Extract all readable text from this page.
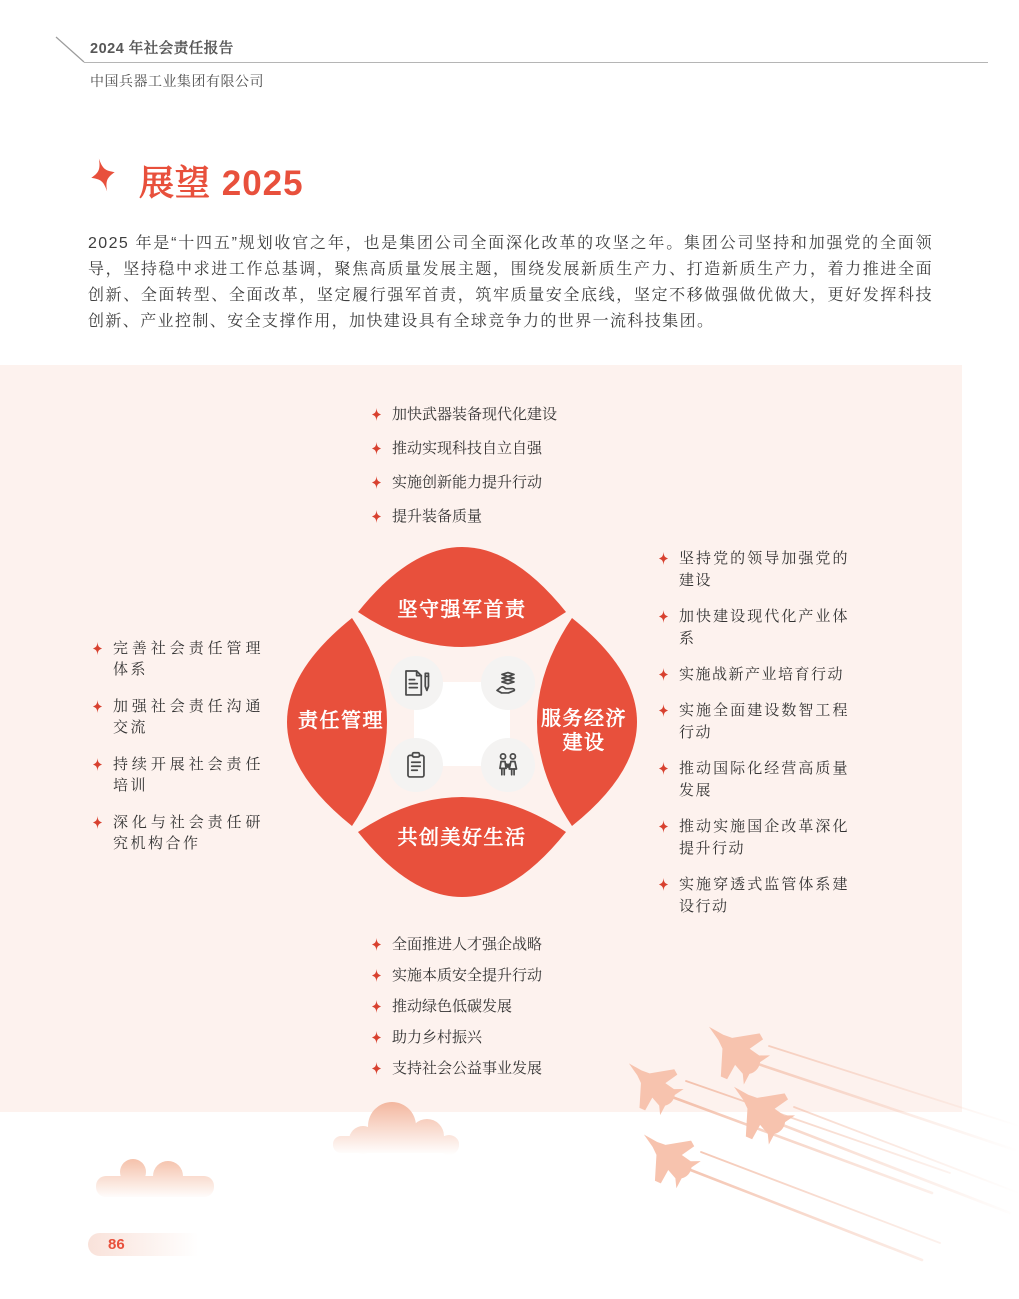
2024 年社会责任报告
中国兵器工业集团有限公司
展望 2025

2025 年是“十四五”规划收官之年，也是集团公司全面深化改革的攻坚之年。集团公司坚持和加强党的全面领导，坚持稳中求进工作总基调，聚焦高质量发展主题，围绕发展新质生产力、打造新质生产力，着力推进全面创新、全面转型、全面改革，坚定履行强军首责，筑牢质量安全底线，坚定不移做强做优做大，更好发挥科技创新、产业控制、安全支撑作用，加快建设具有全球竞争力的世界一流科技集团。

加快武器装备现代化建设
推动实现科技自立自强
实施创新能力提升行动
提升装备质量
坚持党的领导加强党的建设
加快建设现代化产业体系
实施战新产业培育行动
实施全面建设数智工程行动
推动国际化经营高质量发展
推动实施国企改革深化提升行动
实施穿透式监管体系建设行动
完善社会责任管理体系
加强社会责任沟通交流
持续开展社会责任培训
深化与社会责任研究机构合作
全面推进人才强企战略
实施本质安全提升行动
推动绿色低碳发展
助力乡村振兴
支持社会公益事业发展
坚守强军首责
责任管理	服务经济建设
共创美好生活
86
